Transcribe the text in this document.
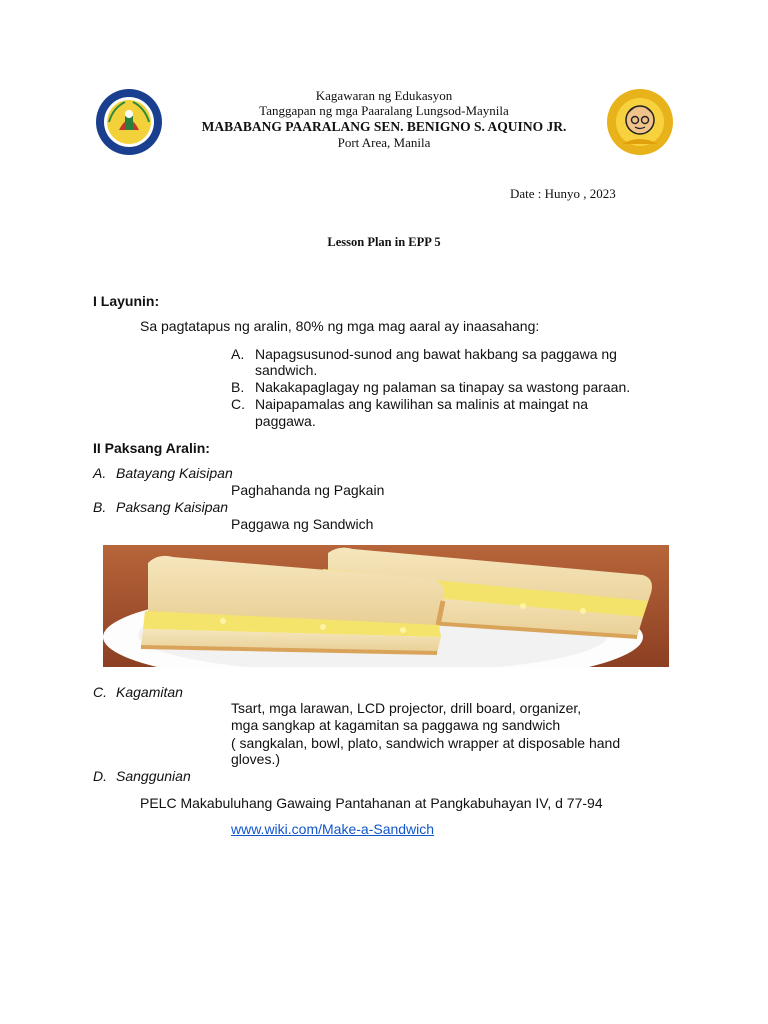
Kagawaran ng Edukasyon
Tanggapan ng mga Paaralang Lungsod-Maynila
MABABANG PAARALANG SEN. BENIGNO S. AQUINO JR.
Port Area, Manila
Date : Hunyo , 2023
Lesson Plan in EPP 5
I Layunin:
Sa pagtatapus ng aralin, 80% ng mga mag aaral ay inaasahang:
A. Napagsusunod-sunod ang bawat hakbang sa paggawa ng
sandwich.
B. Nakakapaglagay ng palaman sa tinapay sa wastong paraan.
C. Naipapamalas ang kawilihan sa malinis at maingat na
paggawa.
II Paksang Aralin:
A. Batayang Kaisipan
Paghahanda ng Pagkain
B. Paksang Kaisipan
Paggawa ng Sandwich
C. Kagamitan
Tsart, mga larawan, LCD projector, drill board, organizer,
mga sangkap at kagamitan sa paggawa ng sandwich
( sangkalan, bowl, plato, sandwich wrapper at disposable hand
gloves.)
D. Sanggunian
PELC Makabuluhang Gawaing Pantahanan at Pangkabuhayan IV, d 77-94
www.wiki.com/Make-a-Sandwich
